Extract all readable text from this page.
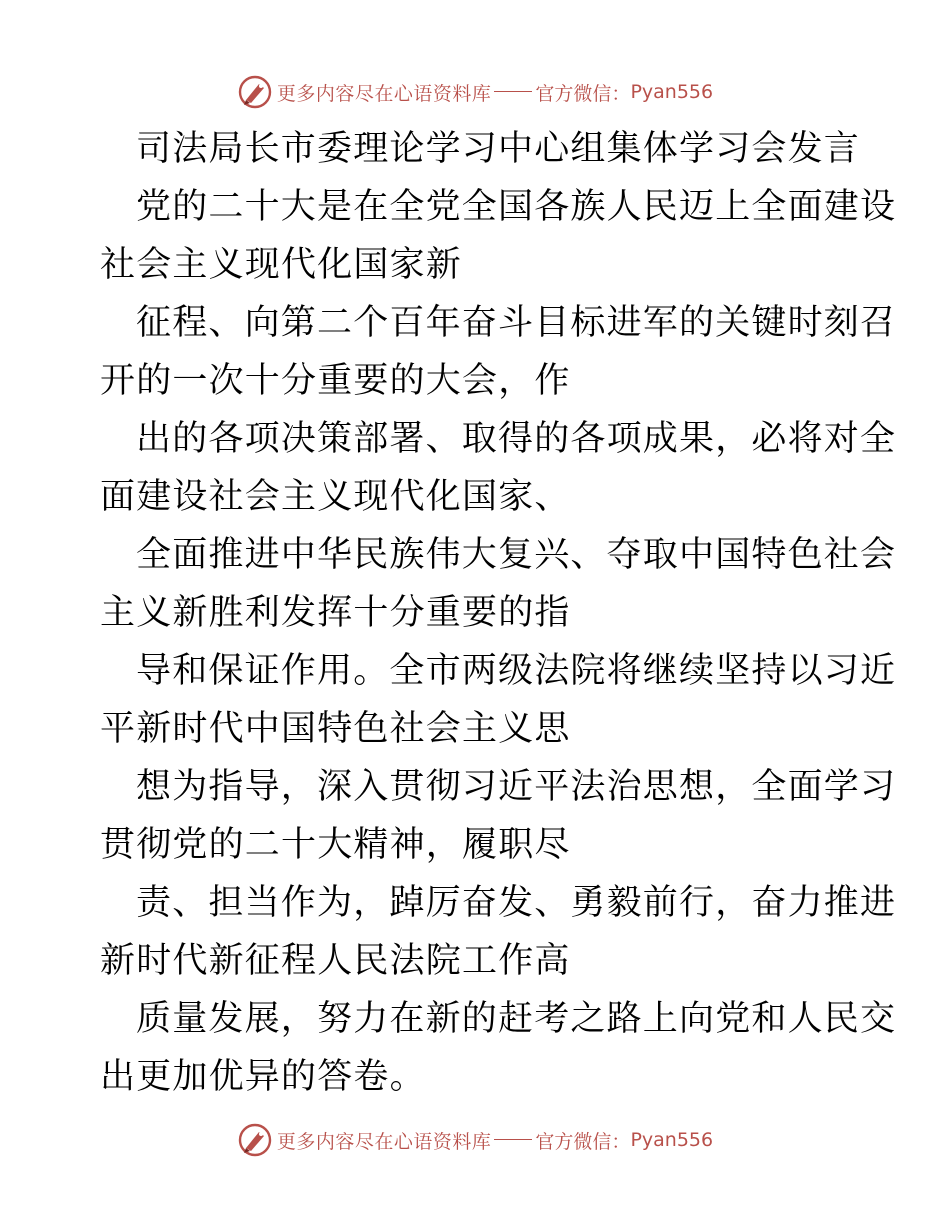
更多内容尽在心语资料库 官方微信： Pyan556
司法局长市委理论学习中心组集体学习会发言
党的二十大是在全党全国各族人民迈上全面建设
社会主义现代化国家新
征程、向第二个百年奋斗目标进军的关键时刻召
开的一次十分重要的大会，作
出的各项决策部署、取得的各项成果，必将对全
面建设社会主义现代化国家、
全面推进中华民族伟大复兴、夺取中国特色社会
主义新胜利发挥十分重要的指
导和保证作用。全市两级法院将继续坚持以习近
平新时代中国特色社会主义思
想为指导，深入贯彻习近平法治思想，全面学习
贯彻党的二十大精神，履职尽
责、担当作为，踔厉奋发、勇毅前行，奋力推进
新时代新征程人民法院工作高
质量发展，努力在新的赶考之路上向党和人民交
出更加优异的答卷。
更多内容尽在心语资料库 官方微信： Pyan556
